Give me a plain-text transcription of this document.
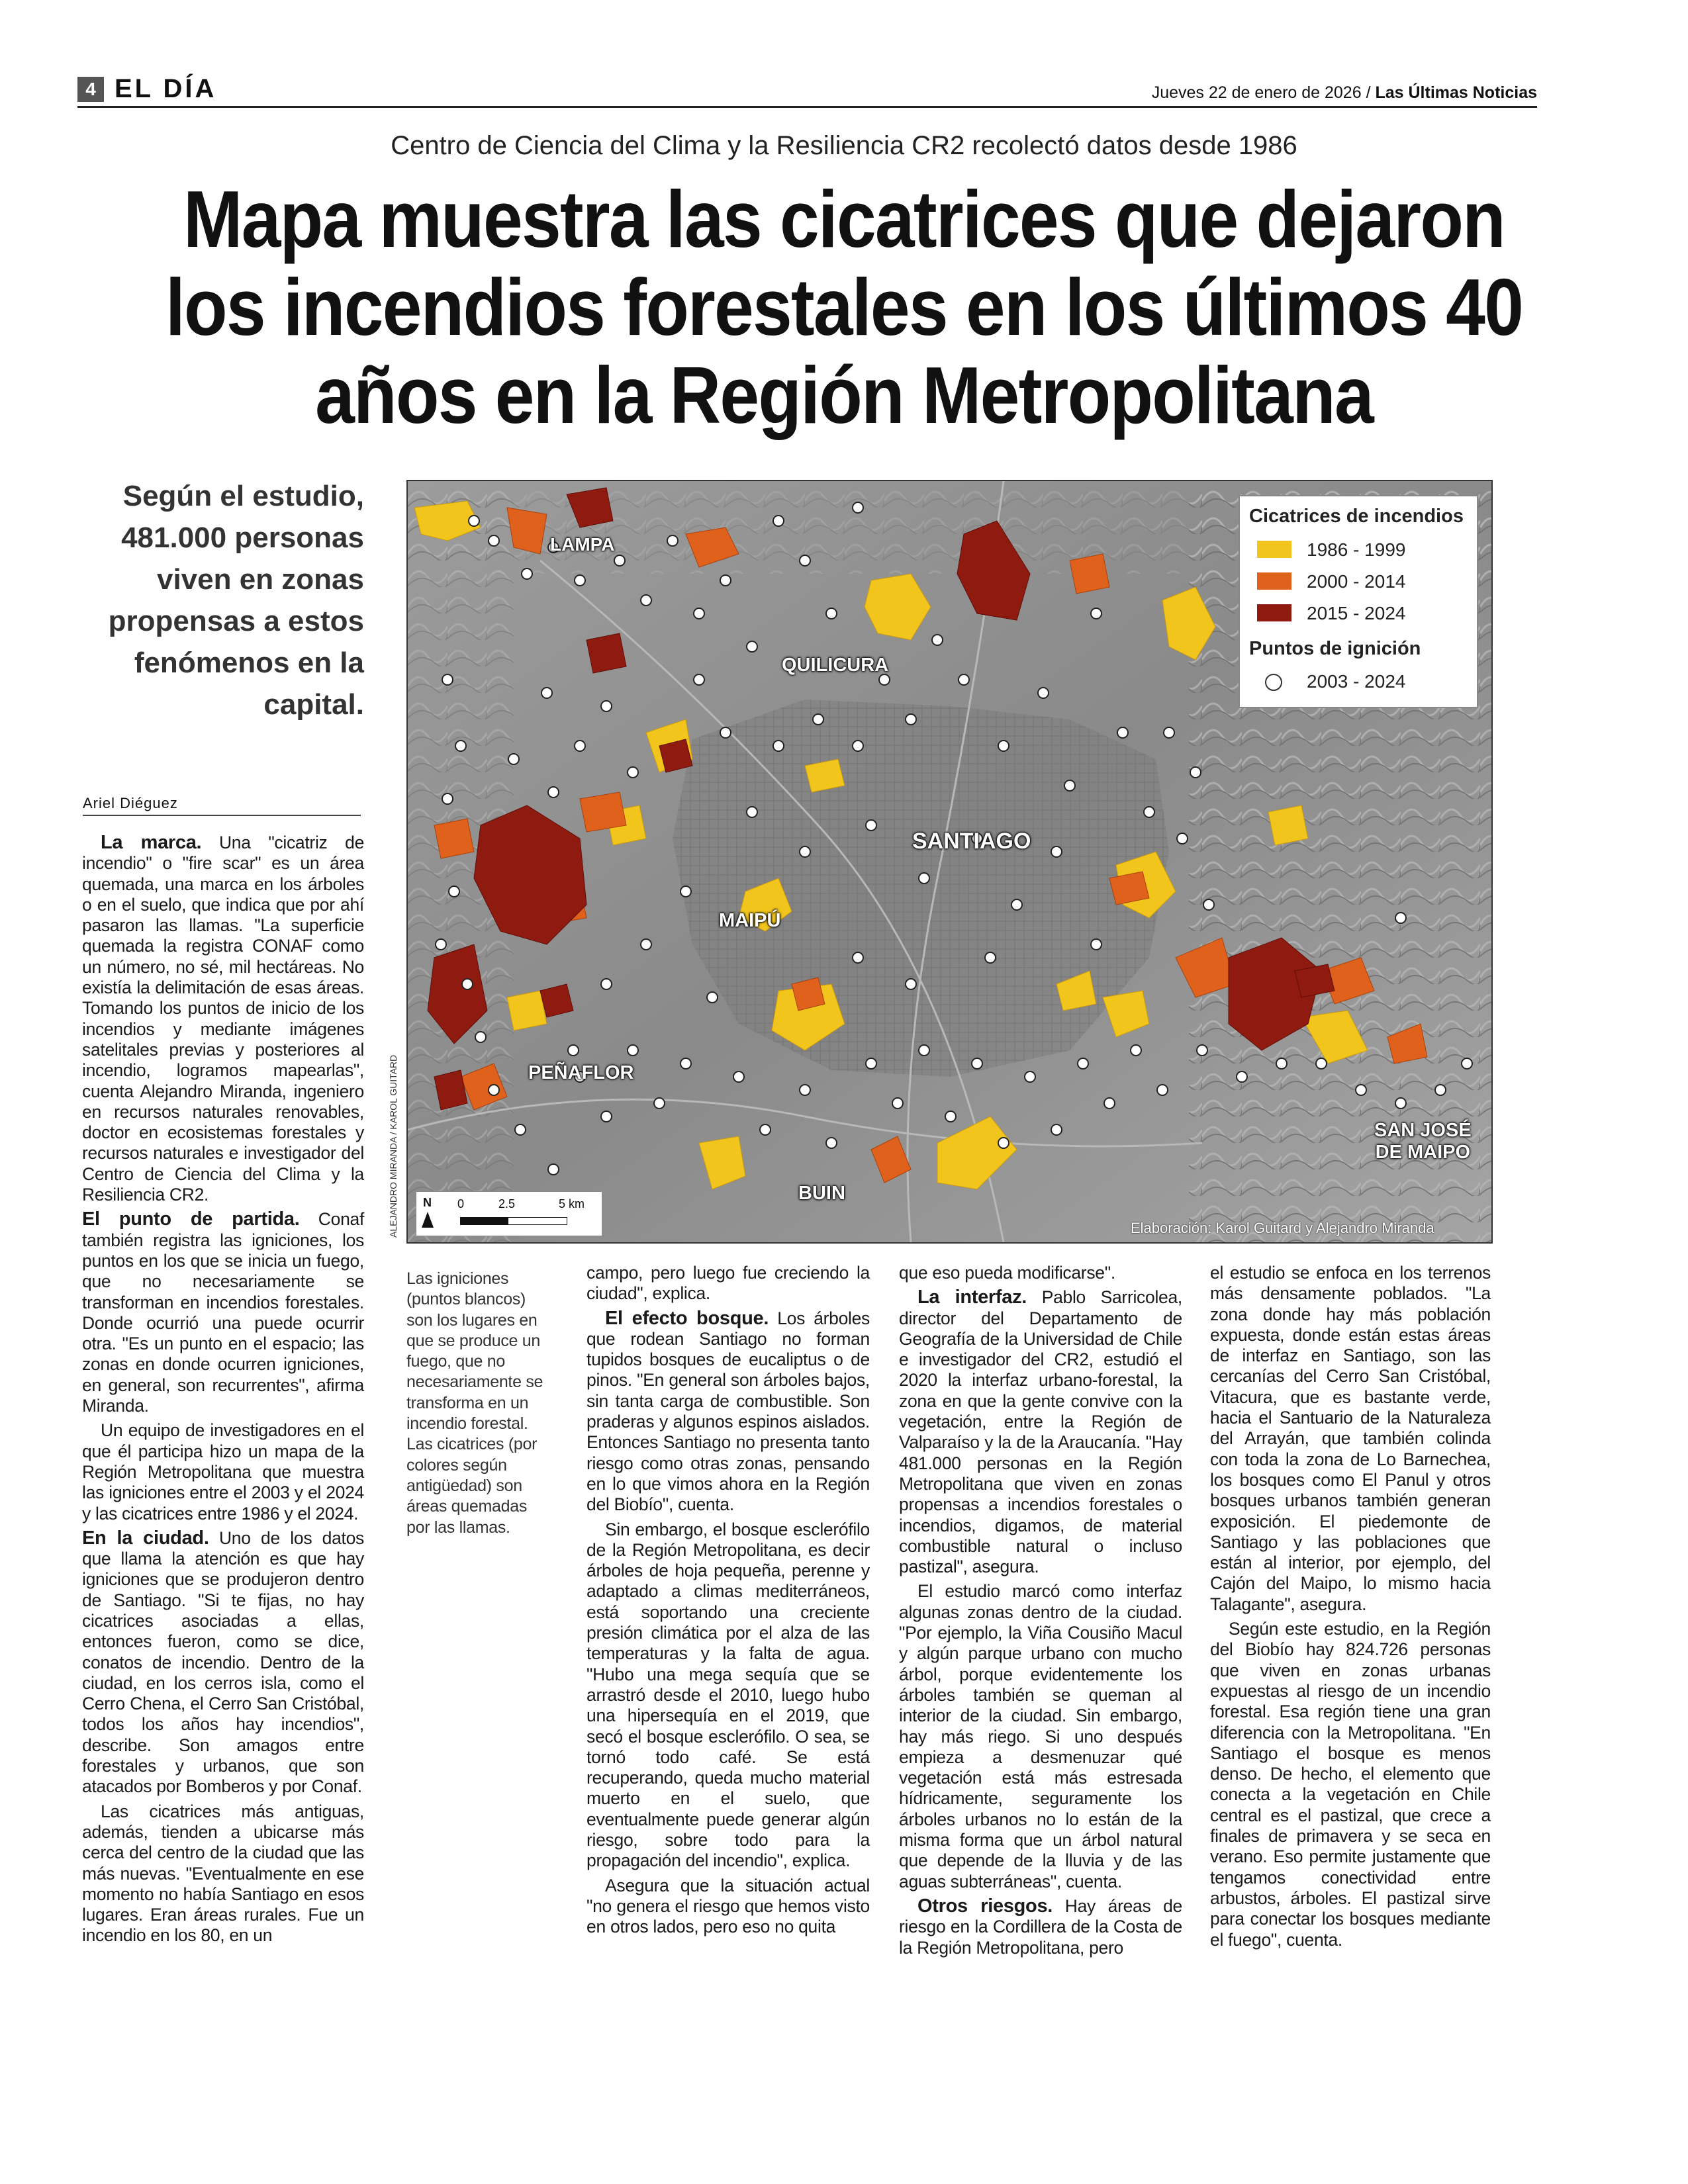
4 EL DÍA	Jueves 22 de enero de 2026 / Las Últimas Noticias
Centro de Ciencia del Clima y la Resiliencia CR2 recolectó datos desde 1986
Mapa muestra las cicatrices que dejaron los incendios forestales en los últimos 40 años en la Región Metropolitana
Según el estudio, 481.000 personas viven en zonas propensas a estos fenómenos en la capital.
Ariel Diéguez
LAMPA
QUILICURA
SANTIAGO
MAIPÚ
PEÑAFLOR
BUIN
SAN JOSÉ
DE MAIPO
Cicatrices de incendios
1986 - 1999
2000 - 2014
2015 - 2024
Puntos de ignición
2003 - 2024
N 0	2.5	5 km
Elaboración: Karol Guitard y Alejandro Miranda
ALEJANDRO MIRANDA / KAROL GUITARD

La marca. Una "cicatriz de incendio" o "fire scar" es un área quemada, una marca en los árboles o en el suelo, que indica que por ahí pasaron las llamas. "La superficie quemada la registra CONAF como un número, no sé, mil hectáreas. No existía la delimitación de esas áreas. Tomando los puntos de inicio de los incendios y mediante imágenes satelitales previas y posteriores al incendio, logramos mapearlas", cuenta Alejandro Miranda, ingeniero en recursos naturales renovables, doctor en ecosistemas forestales y recursos naturales e investigador del Centro de Ciencia del Clima y la Resiliencia CR2.

El punto de partida. Conaf también registra las igniciones, los puntos en los que se inicia un fuego, que no necesariamente se transforman en incendios forestales. Donde ocurrió una puede ocurrir otra. "Es un punto en el espacio; las zonas en donde ocurren igniciones, en general, son recurrentes", afirma Miranda.

Un equipo de investigadores en el que él participa hizo un mapa de la Región Metropolitana que muestra las igniciones entre el 2003 y el 2024 y las cicatrices entre 1986 y el 2024.

En la ciudad. Uno de los datos que llama la atención es que hay igniciones que se produjeron dentro de Santiago. "Si te fijas, no hay cicatrices asociadas a ellas, entonces fueron, como se dice, conatos de incendio. Dentro de la ciudad, en los cerros isla, como el Cerro Chena, el Cerro San Cristóbal, todos los años hay incendios", describe. Son amagos entre forestales y urbanos, que son atacados por Bomberos y por Conaf.

Las cicatrices más antiguas, además, tienden a ubicarse más cerca del centro de la ciudad que las más nuevas. "Eventualmente en ese momento no había Santiago en esos lugares. Eran áreas rurales. Fue un incendio en los 80, en un

Las igniciones (puntos blancos) son los lugares en que se produce un fuego, que no necesariamente se transforma en un incendio forestal. Las cicatrices (por colores según antigüedad) son áreas quemadas por las llamas.

campo, pero luego fue creciendo la ciudad", explica.

El efecto bosque. Los árboles que rodean Santiago no forman tupidos bosques de eucaliptus o de pinos. "En general son árboles bajos, sin tanta carga de combustible. Son praderas y algunos espinos aislados. Entonces Santiago no presenta tanto riesgo como otras zonas, pensando en lo que vimos ahora en la Región del Biobío", cuenta.

Sin embargo, el bosque esclerófilo de la Región Metropolitana, es decir árboles de hoja pequeña, perenne y adaptado a climas mediterráneos, está soportando una creciente presión climática por el alza de las temperaturas y la falta de agua. "Hubo una mega sequía que se arrastró desde el 2010, luego hubo una hipersequía en el 2019, que secó el bosque esclerófilo. O sea, se tornó todo café. Se está recuperando, queda mucho material muerto en el suelo, que eventualmente puede generar algún riesgo, sobre todo para la propagación del incendio", explica.

Asegura que la situación actual "no genera el riesgo que hemos visto en otros lados, pero eso no quita

que eso pueda modificarse".

La interfaz. Pablo Sarricolea, director del Departamento de Geografía de la Universidad de Chile e investigador del CR2, estudió el 2020 la interfaz urbano-forestal, la zona en que la gente convive con la vegetación, entre la Región de Valparaíso y la de la Araucanía. "Hay 481.000 personas en la Región Metropolitana que viven en zonas propensas a incendios forestales o incendios, digamos, de material combustible natural o incluso pastizal", asegura.

El estudio marcó como interfaz algunas zonas dentro de la ciudad. "Por ejemplo, la Viña Cousiño Macul y algún parque urbano con mucho árbol, porque evidentemente los árboles también se queman al interior de la ciudad. Sin embargo, hay más riego. Si uno después empieza a desmenuzar qué vegetación está más estresada hídricamente, seguramente los árboles urbanos no lo están de la misma forma que un árbol natural que depende de la lluvia y de las aguas subterráneas", cuenta.

Otros riesgos. Hay áreas de riesgo en la Cordillera de la Costa de la Región Metropolitana, pero

el estudio se enfoca en los terrenos más densamente poblados. "La zona donde hay más población expuesta, donde están estas áreas de interfaz en Santiago, son las cercanías del Cerro San Cristóbal, Vitacura, que es bastante verde, hacia el Santuario de la Naturaleza del Arrayán, que también colinda con toda la zona de Lo Barnechea, los bosques como El Panul y otros bosques urbanos también generan exposición. El piedemonte de Santiago y las poblaciones que están al interior, por ejemplo, del Cajón del Maipo, lo mismo hacia Talagante", asegura.

Según este estudio, en la Región del Biobío hay 824.726 personas que viven en zonas urbanas expuestas al riesgo de un incendio forestal. Esa región tiene una gran diferencia con la Metropolitana. "En Santiago el bosque es menos denso. De hecho, el elemento que conecta a la vegetación en Chile central es el pastizal, que crece a finales de primavera y se seca en verano. Eso permite justamente que tengamos conectividad entre arbustos, árboles. El pastizal sirve para conectar los bosques mediante el fuego", cuenta.
